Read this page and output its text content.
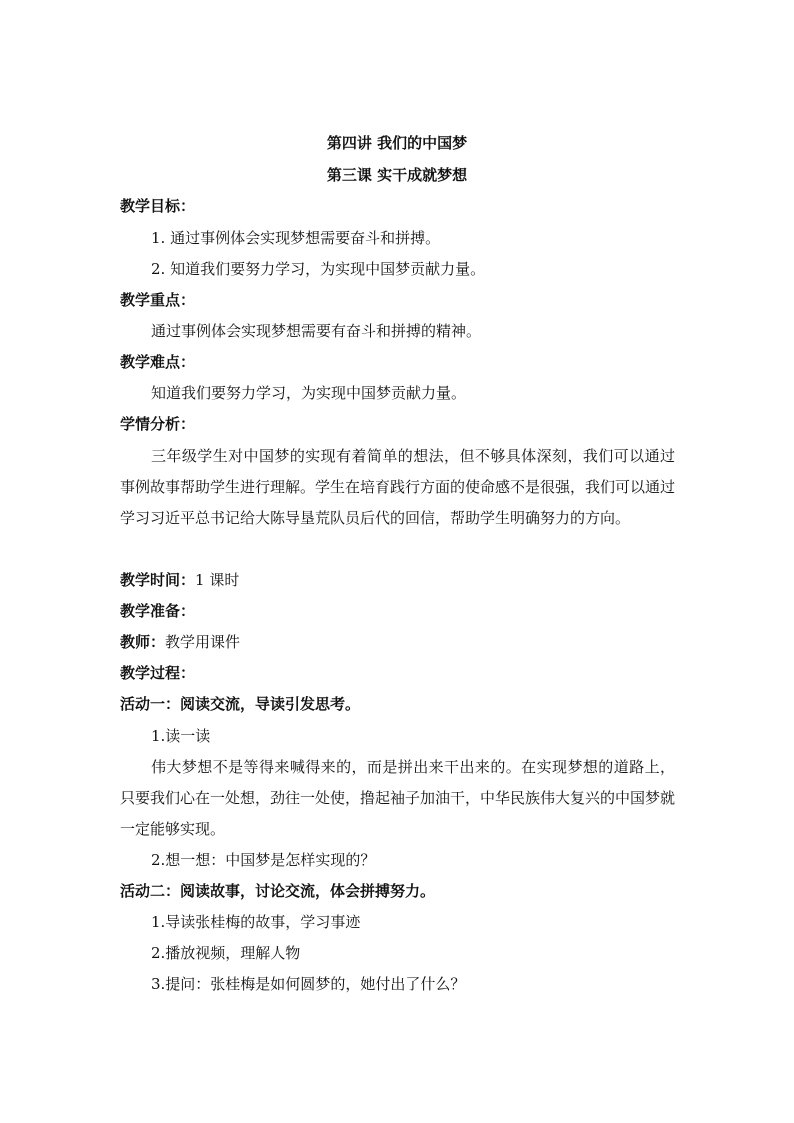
第四讲 我们的中国梦
第三课 实干成就梦想
教学目标：
1. 通过事例体会实现梦想需要奋斗和拼搏。
2. 知道我们要努力学习，为实现中国梦贡献力量。
教学重点：
通过事例体会实现梦想需要有奋斗和拼搏的精神。
教学难点：
知道我们要努力学习，为实现中国梦贡献力量。
学情分析：
三年级学生对中国梦的实现有着简单的想法，但不够具体深刻，我们可以通过事例故事帮助学生进行理解。学生在培育践行方面的使命感不是很强，我们可以通过学习习近平总书记给大陈导垦荒队员后代的回信，帮助学生明确努力的方向。
教学时间：1 课时
教学准备：
教师：教学用课件
教学过程：
活动一：阅读交流，导读引发思考。
1.读一读
伟大梦想不是等得来喊得来的，而是拼出来干出来的。在实现梦想的道路上，只要我们心在一处想，劲往一处使，撸起袖子加油干，中华民族伟大复兴的中国梦就一定能够实现。
2.想一想：中国梦是怎样实现的？
活动二：阅读故事，讨论交流，体会拼搏努力。
1.导读张桂梅的故事，学习事迹
2.播放视频，理解人物
3.提问：张桂梅是如何圆梦的，她付出了什么？
